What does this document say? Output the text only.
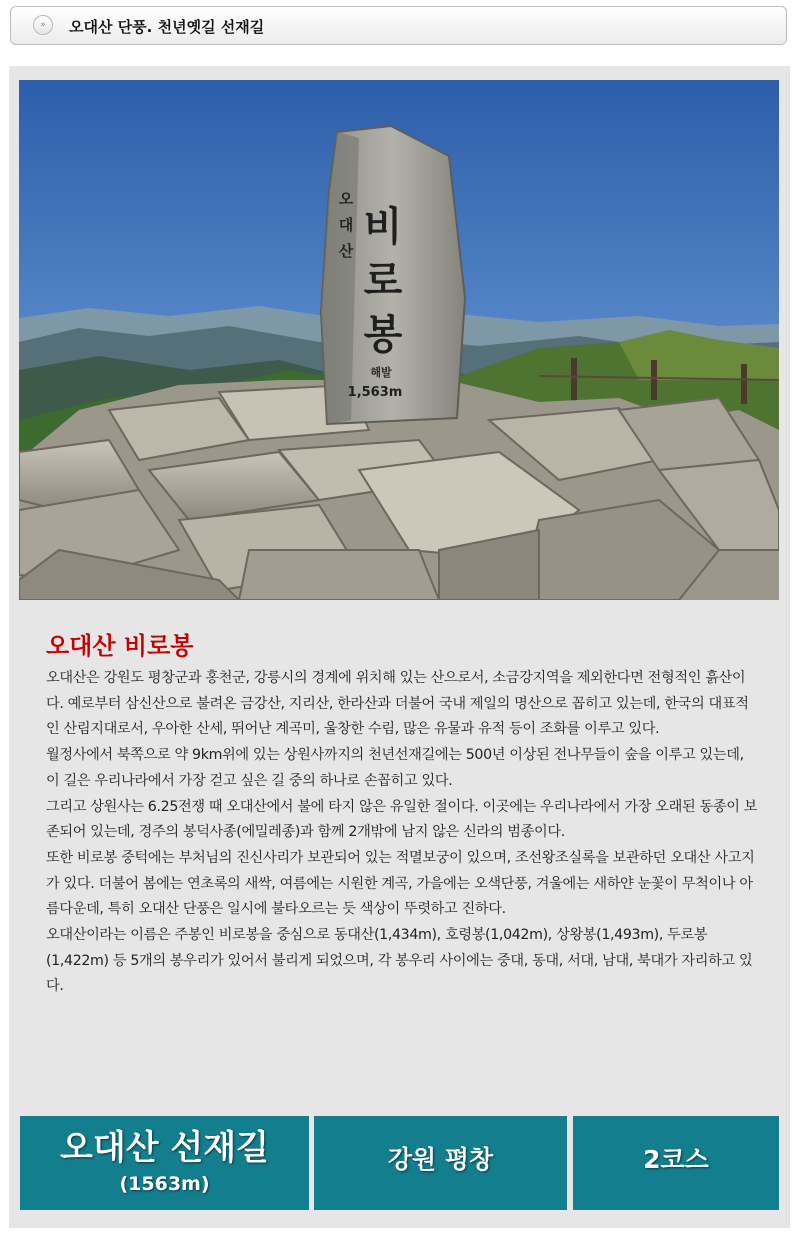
»	오대산 단풍. 천년옛길 선재길
오
대
산
비
로
봉
해발
1,563m
오대산 비로봉

오대산은 강원도 평창군과 홍천군, 강릉시의 경계에 위치해 있는 산으로서, 소금강지역을 제외한다면 전형적인 흙산이다. 예로부터 삼신산으로 불려온 금강산, 지리산, 한라산과 더불어 국내 제일의 명산으로 꼽히고 있는데, 한국의 대표적인 산림지대로서, 우아한 산세, 뛰어난 계곡미, 울창한 수림, 많은 유물과 유적 등이 조화를 이루고 있다.

월정사에서 북쪽으로 약 9km위에 있는 상원사까지의 천년선재길에는 500년 이상된 전나무들이 숲을 이루고 있는데, 이 길은 우리나라에서 가장 걷고 싶은 길 중의 하나로 손꼽히고 있다.

그리고 상원사는 6.25전쟁 때 오대산에서 불에 타지 않은 유일한 절이다. 이곳에는 우리나라에서 가장 오래된 동종이 보존되어 있는데, 경주의 봉덕사종(에밀레종)과 함께 2개밖에 남지 않은 신라의 범종이다.

또한 비로봉 중턱에는 부처님의 진신사리가 보관되어 있는 적멸보궁이 있으며, 조선왕조실록을 보관하던 오대산 사고지가 있다. 더불어 봄에는 연초록의 새싹, 여름에는 시원한 계곡, 가을에는 오색단풍, 겨울에는 새하얀 눈꽃이 무척이나 아름다운데, 특히 오대산 단풍은 일시에 불타오르는 듯 색상이 뚜렷하고 진하다.

오대산이라는 이름은 주봉인 비로봉을 중심으로 동대산(1,434m), 호령봉(1,042m), 상왕봉(1,493m), 두로봉(1,422m) 등 5개의 봉우리가 있어서 불리게 되었으며, 각 봉우리 사이에는 중대, 동대, 서대, 남대, 북대가 자리하고 있다.

오대산 선재길
(1563m)
강원 평창	2코스
